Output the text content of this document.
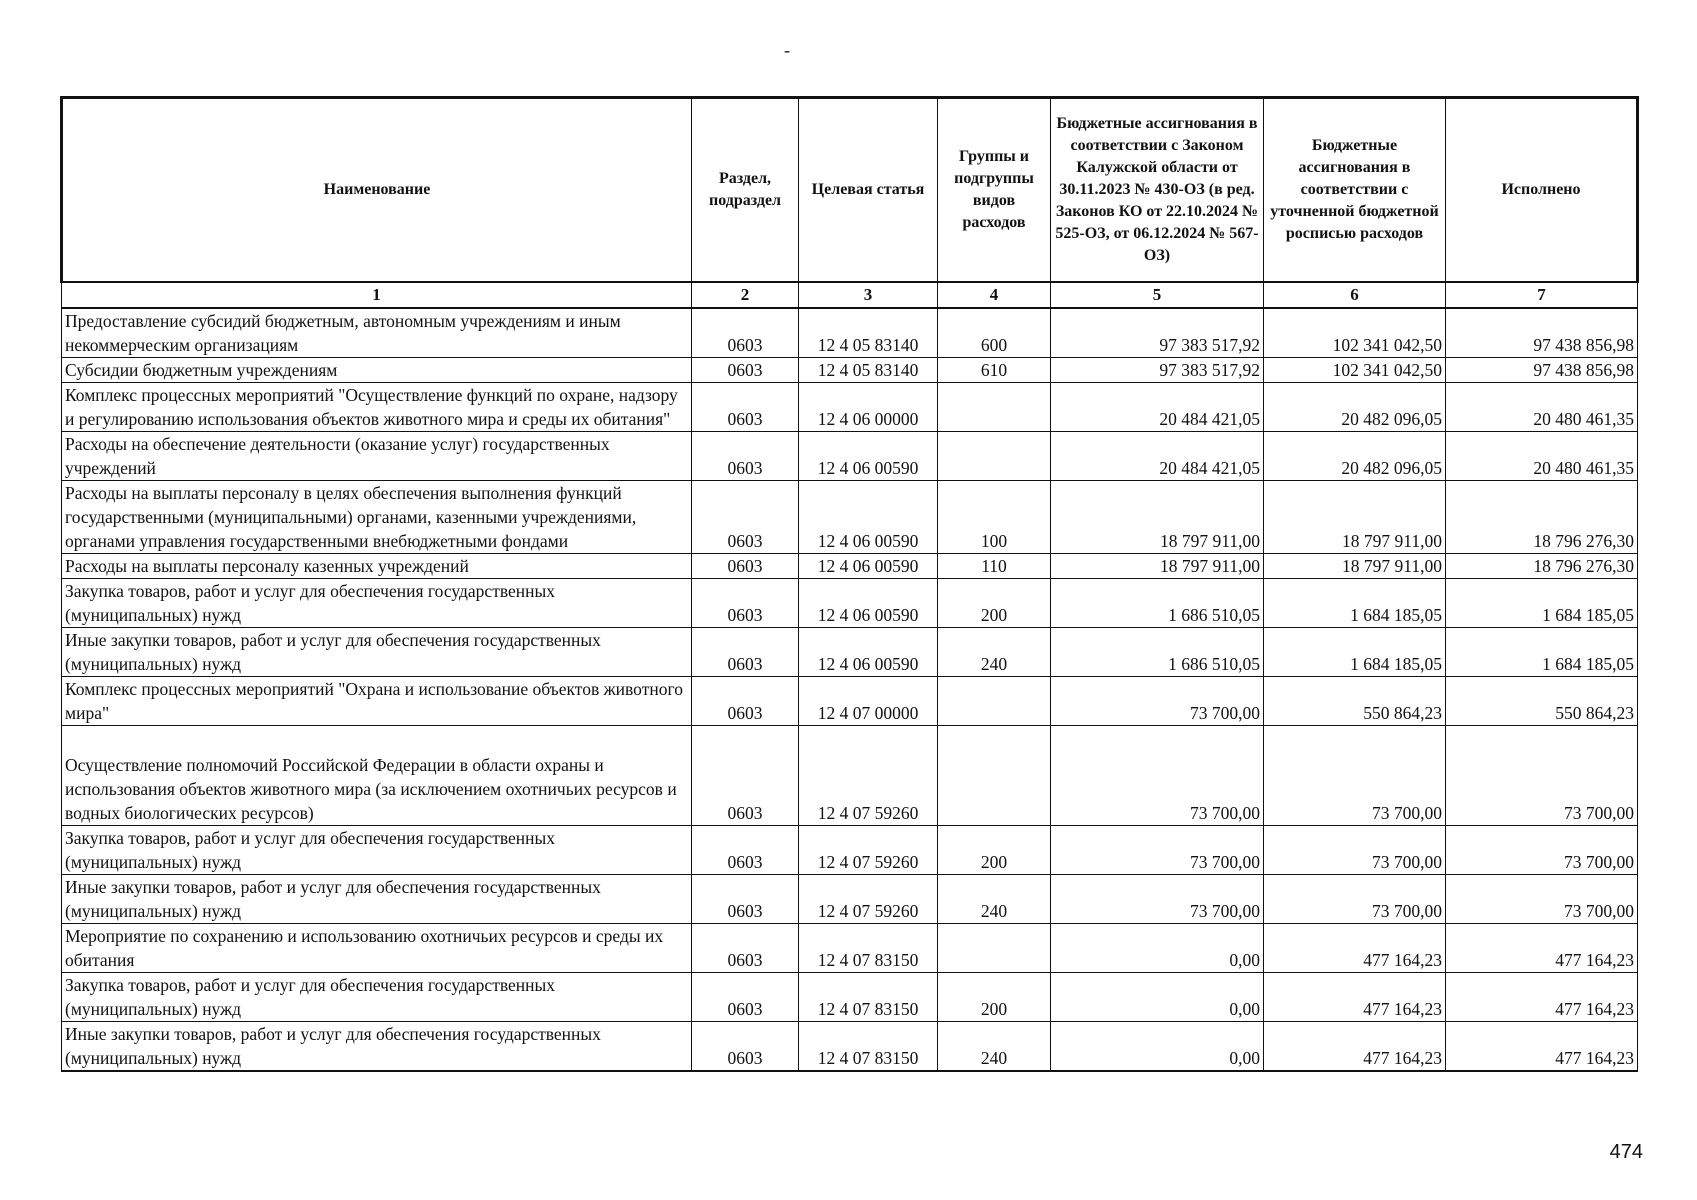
-
Наименование	Раздел, подраздел	Целевая статья	Группы и подгруппы видов расходов	Бюджетные ассигнования в соответствии с Законом Калужской области от 30.11.2023 № 430-ОЗ (в ред. Законов КО от 22.10.2024 № 525-ОЗ, от 06.12.2024 № 567-ОЗ)	Бюджетные ассигнования в соответствии с уточненной бюджетной росписью расходов	Исполнено
1	2	3	4	5	6	7
Предоставление субсидий бюджетным, автономным учреждениям и иным некоммерческим организациям	0603	12 4 05 83140	600	97 383 517,92	102 341 042,50	97 438 856,98
Субсидии бюджетным учреждениям	0603	12 4 05 83140	610	97 383 517,92	102 341 042,50	97 438 856,98
Комплекс процессных мероприятий "Осуществление функций по охране, надзору и регулированию использования объектов животного мира и среды их обитания"	0603	12 4 06 00000		20 484 421,05	20 482 096,05	20 480 461,35
Расходы на обеспечение деятельности (оказание услуг) государственных учреждений	0603	12 4 06 00590		20 484 421,05	20 482 096,05	20 480 461,35
Расходы на выплаты персоналу в целях обеспечения выполнения функций государственными (муниципальными) органами, казенными учреждениями, органами управления государственными внебюджетными фондами	0603	12 4 06 00590	100	18 797 911,00	18 797 911,00	18 796 276,30
Расходы на выплаты персоналу казенных учреждений	0603	12 4 06 00590	110	18 797 911,00	18 797 911,00	18 796 276,30
Закупка товаров, работ и услуг для обеспечения государственных (муниципальных) нужд	0603	12 4 06 00590	200	1 686 510,05	1 684 185,05	1 684 185,05
Иные закупки товаров, работ и услуг для обеспечения государственных (муниципальных) нужд	0603	12 4 06 00590	240	1 686 510,05	1 684 185,05	1 684 185,05
Комплекс процессных мероприятий "Охрана и использование объектов животного мира"	0603	12 4 07 00000		73 700,00	550 864,23	550 864,23
Осуществление полномочий Российской Федерации в области охраны и использования объектов животного мира (за исключением охотничьих ресурсов и водных биологических ресурсов)	0603	12 4 07 59260		73 700,00	73 700,00	73 700,00
Закупка товаров, работ и услуг для обеспечения государственных (муниципальных) нужд	0603	12 4 07 59260	200	73 700,00	73 700,00	73 700,00
Иные закупки товаров, работ и услуг для обеспечения государственных (муниципальных) нужд	0603	12 4 07 59260	240	73 700,00	73 700,00	73 700,00
Мероприятие по сохранению и использованию охотничьих ресурсов и среды их обитания	0603	12 4 07 83150		0,00	477 164,23	477 164,23
Закупка товаров, работ и услуг для обеспечения государственных (муниципальных) нужд	0603	12 4 07 83150	200	0,00	477 164,23	477 164,23
Иные закупки товаров, работ и услуг для обеспечения государственных (муниципальных) нужд	0603	12 4 07 83150	240	0,00	477 164,23	477 164,23
474
